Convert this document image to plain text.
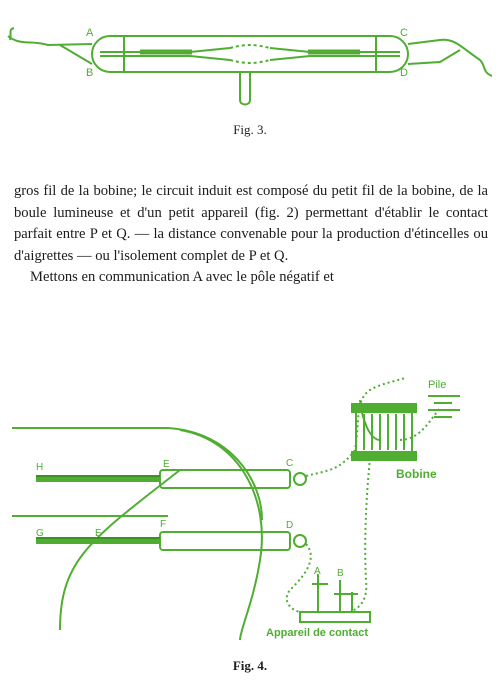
A
B
C
D
Fig. 3.

gros fil de la bobine; le circuit induit est composé du petit fil de la bobine, de la boule lumineuse et d'un petit appareil (fig. 2) permettant d'établir le contact parfait entre P et Q. — la distance convenable pour la production d'étincelles ou d'aigrettes — ou l'isolement complet de P et Q.

Mettons en communication A avec le pôle négatif et

H	E
G	E
F
C
D
Pile
Bobine
A B
Appareil de contact
Fig. 4.
